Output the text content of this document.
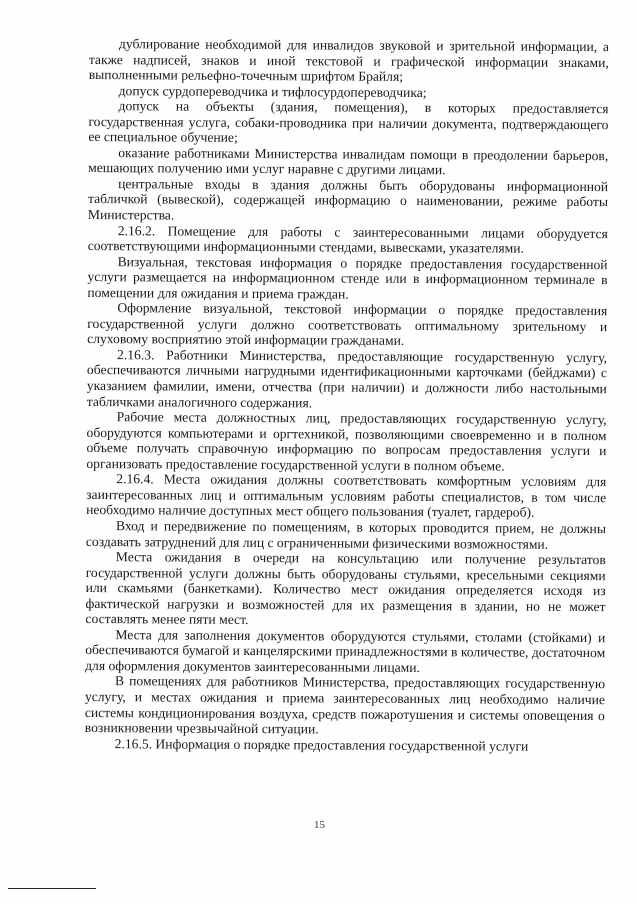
дублирование необходимой для инвалидов звуковой и зрительной информации, а также надписей, знаков и иной текстовой и графической информации знаками, выполненными рельефно-точечным шрифтом Брайля;

допуск сурдопереводчика и тифлосурдопереводчика;

допуск на объекты (здания, помещения), в которых предоставляется государственная услуга, собаки-проводника при наличии документа, подтверждающего ее специальное обучение;

оказание работниками Министерства инвалидам помощи в преодолении барьеров, мешающих получению ими услуг наравне с другими лицами.

центральные входы в здания должны быть оборудованы информационной табличкой (вывеской), содержащей информацию о наименовании, режиме работы Министерства.

2.16.2. Помещение для работы с заинтересованными лицами оборудуется соответствующими информационными стендами, вывесками, указателями.

Визуальная, текстовая информация о порядке предоставления государственной услуги размещается на информационном стенде или в информационном терминале в помещении для ожидания и приема граждан.

Оформление визуальной, текстовой информации о порядке предоставления государственной услуги должно соответствовать оптимальному зрительному и слуховому восприятию этой информации гражданами.

2.16.3. Работники Министерства, предоставляющие государственную услугу, обеспечиваются личными нагрудными идентификационными карточками (бейджами) с указанием фамилии, имени, отчества (при наличии) и должности либо настольными табличками аналогичного содержания.

Рабочие места должностных лиц, предоставляющих государственную услугу, оборудуются компьютерами и оргтехникой, позволяющими своевременно и в полном объеме получать справочную информацию по вопросам предоставления услуги и организовать предоставление государственной услуги в полном объеме.

2.16.4. Места ожидания должны соответствовать комфортным условиям для заинтересованных лиц и оптимальным условиям работы специалистов, в том числе необходимо наличие доступных мест общего пользования (туалет, гардероб).

Вход и передвижение по помещениям, в которых проводится прием, не должны создавать затруднений для лиц с ограниченными физическими возможностями.

Места ожидания в очереди на консультацию или получение результатов государственной услуги должны быть оборудованы стульями, кресельными секциями или скамьями (банкетками). Количество мест ожидания определяется исходя из фактической нагрузки и возможностей для их размещения в здании, но не может составлять менее пяти мест.

Места для заполнения документов оборудуются стульями, столами (стойками) и обеспечиваются бумагой и канцелярскими принадлежностями в количестве, достаточном для оформления документов заинтересованными лицами.

В помещениях для работников Министерства, предоставляющих государственную услугу, и местах ожидания и приема заинтересованных лиц необходимо наличие системы кондиционирования воздуха, средств пожаротушения и системы оповещения о возникновении чрезвычайной ситуации.

2.16.5. Информация о порядке предоставления государственной услуги

15
